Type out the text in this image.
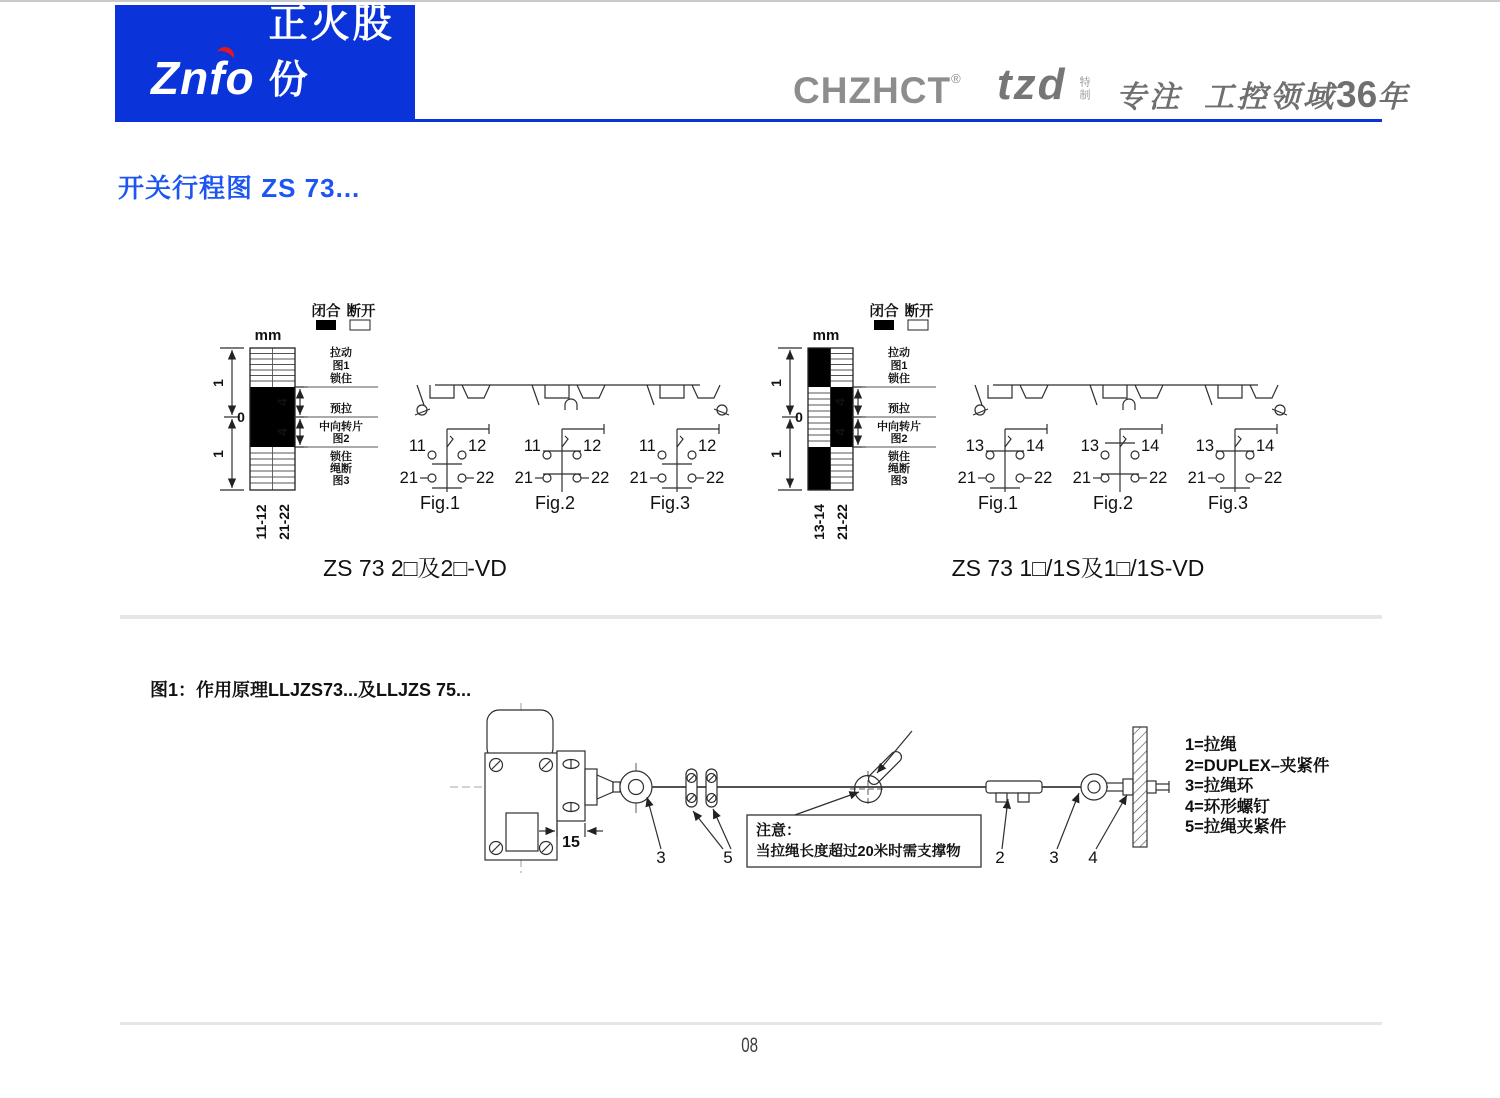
Znfo
正火股份	CHZHCT® tzd 特制 专注 工控领域36年
开关行程图 ZS 73...
闭合 断开
mm
1
0
1
4
4
拉动
图1
锁住
预拉
中向转片
图2
锁住
绳断
图3
11-12 21-22
11	12
21	22
Fig.1
11	12
21	22
Fig.2
11	12
21	22
Fig.3
ZS 73 2□及2□-VD
闭合 断开
mm
1
0
1
4
4
拉动
图1
锁住
预拉
中向转片
图2
锁住
绳断
图3
13-14 21-22
13	14
21	22
Fig.1
13	14
21	22
Fig.2
13	14
21	22
Fig.3
ZS 73 1□/1S及1□/1S-VD
图1：作用原理LLJZS73...及LLJZS 75...
15
注意：
当拉绳长度超过20米时需支撑物
3	5	2	3 4
1=拉绳
2=DUPLEX–夹紧件
3=拉绳环
4=环形螺钉
5=拉绳夹紧件
08
